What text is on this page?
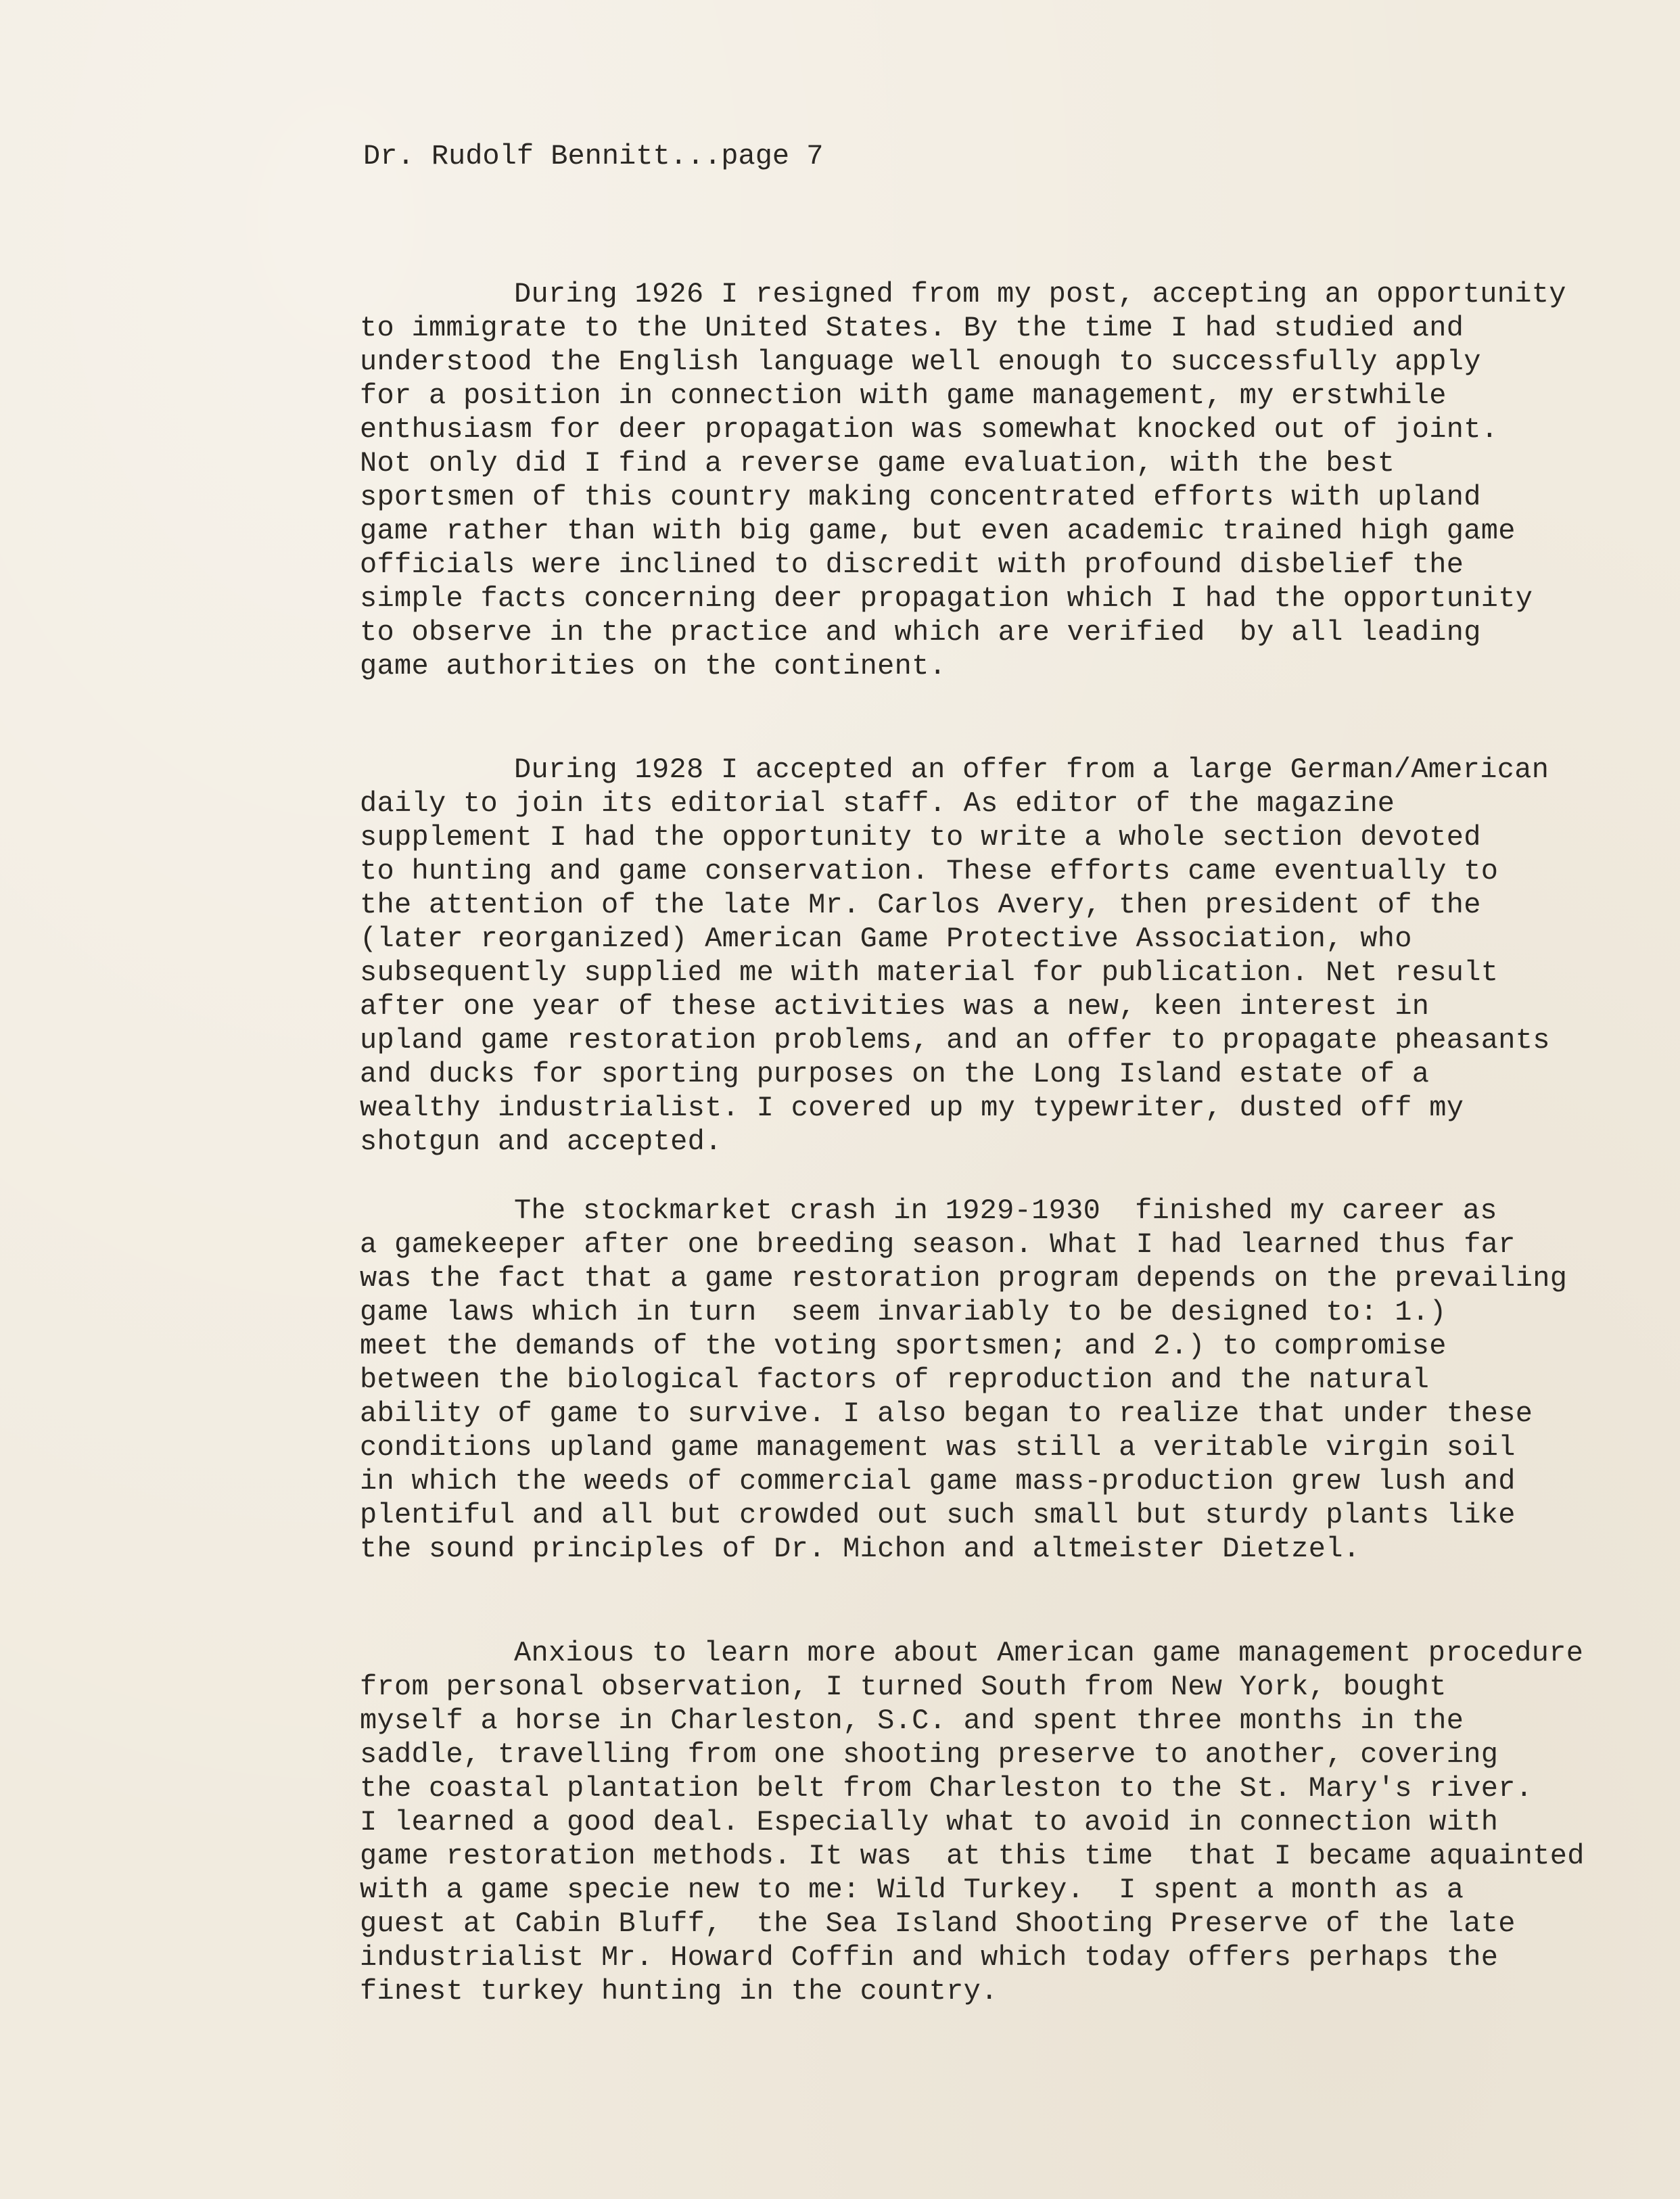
Dr. Rudolf Bennitt...page 7
During 1926 I resigned from my post, accepting an opportunity
to immigrate to the United States. By the time I had studied and
understood the English language well enough to successfully apply
for a position in connection with game management, my erstwhile
enthusiasm for deer propagation was somewhat knocked out of joint.
Not only did I find a reverse game evaluation, with the best
sportsmen of this country making concentrated efforts with upland
game rather than with big game, but even academic trained high game
officials were inclined to discredit with profound disbelief the
simple facts concerning deer propagation which I had the opportunity
to observe in the practice and which are verified  by all leading
game authorities on the continent.
During 1928 I accepted an offer from a large German/American
daily to join its editorial staff. As editor of the magazine
supplement I had the opportunity to write a whole section devoted
to hunting and game conservation. These efforts came eventually to
the attention of the late Mr. Carlos Avery, then president of the
(later reorganized) American Game Protective Association, who
subsequently supplied me with material for publication. Net result
after one year of these activities was a new, keen interest in
upland game restoration problems, and an offer to propagate pheasants
and ducks for sporting purposes on the Long Island estate of a
wealthy industrialist. I covered up my typewriter, dusted off my
shotgun and accepted.
The stockmarket crash in 1929-1930  finished my career as
a gamekeeper after one breeding season. What I had learned thus far
was the fact that a game restoration program depends on the prevailing
game laws which in turn  seem invariably to be designed to: 1.)
meet the demands of the voting sportsmen; and 2.) to compromise
between the biological factors of reproduction and the natural
ability of game to survive. I also began to realize that under these
conditions upland game management was still a veritable virgin soil
in which the weeds of commercial game mass-production grew lush and
plentiful and all but crowded out such small but sturdy plants like
the sound principles of Dr. Michon and altmeister Dietzel.
Anxious to learn more about American game management procedure
from personal observation, I turned South from New York, bought
myself a horse in Charleston, S.C. and spent three months in the
saddle, travelling from one shooting preserve to another, covering
the coastal plantation belt from Charleston to the St. Mary's river.
I learned a good deal. Especially what to avoid in connection with
game restoration methods. It was  at this time  that I became aquainted
with a game specie new to me: Wild Turkey.  I spent a month as a
guest at Cabin Bluff,  the Sea Island Shooting Preserve of the late
industrialist Mr. Howard Coffin and which today offers perhaps the
finest turkey hunting in the country.
